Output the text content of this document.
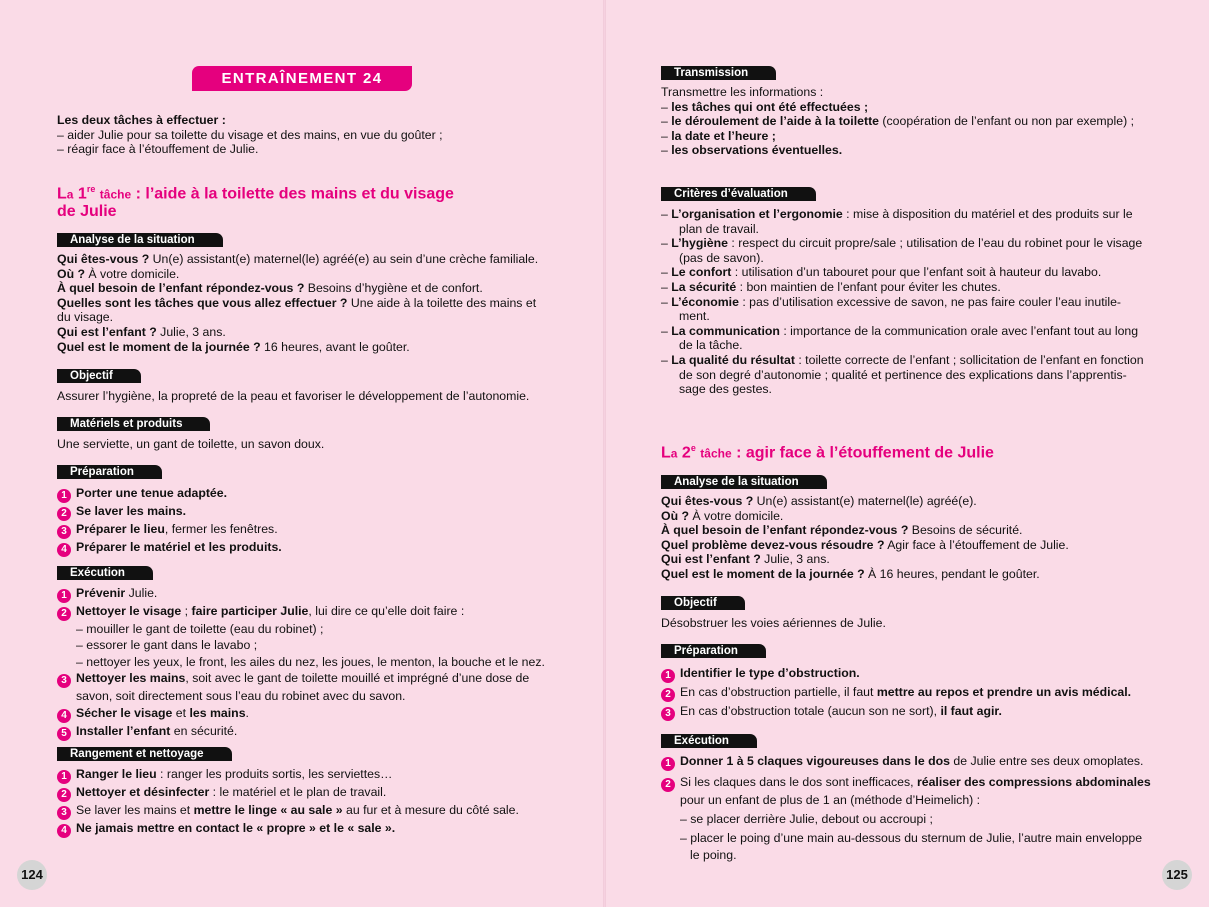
ENTRAÎNEMENT 24
Les deux tâches à effectuer :
– aider Julie pour sa toilette du visage et des mains, en vue du goûter ;
– réagir face à l’étouffement de Julie.
La 1re tâche : l’aide à la toilette des mains et du visage
de Julie
Analyse de la situation
Qui êtes-vous ? Un(e) assistant(e) maternel(le) agréé(e) au sein d’une crèche familiale.
Où ? À votre domicile.
À quel besoin de l’enfant répondez-vous ? Besoins d’hygiène et de confort.
Quelles sont les tâches que vous allez effectuer ? Une aide à la toilette des mains et
du visage.
Qui est l’enfant ? Julie, 3 ans.
Quel est le moment de la journée ? 16 heures, avant le goûter.
Objectif
Assurer l’hygiène, la propreté de la peau et favoriser le développement de l’autonomie.
Matériels et produits
Une serviette, un gant de toilette, un savon doux.
Préparation
1 Porter une tenue adaptée.
2 Se laver les mains.
3 Préparer le lieu, fermer les fenêtres.
4 Préparer le matériel et les produits.
Exécution
1 Prévenir Julie.
2 Nettoyer le visage ; faire participer Julie, lui dire ce qu’elle doit faire :
– mouiller le gant de toilette (eau du robinet) ;
– essorer le gant dans le lavabo ;
– nettoyer les yeux, le front, les ailes du nez, les joues, le menton, la bouche et le nez.
3 Nettoyer les mains, soit avec le gant de toilette mouillé et imprégné d’une dose de
savon, soit directement sous l’eau du robinet avec du savon.
4 Sécher le visage et les mains.
5 Installer l’enfant en sécurité.
Rangement et nettoyage
1 Ranger le lieu : ranger les produits sortis, les serviettes…
2 Nettoyer et désinfecter : le matériel et le plan de travail.
3 Se laver les mains et mettre le linge « au sale » au fur et à mesure du côté sale.
4 Ne jamais mettre en contact le « propre » et le « sale ».
124
Transmission
Transmettre les informations :
– les tâches qui ont été effectuées ;
– le déroulement de l’aide à la toilette (coopération de l’enfant ou non par exemple) ;
– la date et l’heure ;
– les observations éventuelles.
Critères d’évaluation
– L’organisation et l’ergonomie : mise à disposition du matériel et des produits sur le
plan de travail.
– L’hygiène : respect du circuit propre/sale ; utilisation de l’eau du robinet pour le visage
(pas de savon).
– Le confort : utilisation d’un tabouret pour que l’enfant soit à hauteur du lavabo.
– La sécurité : bon maintien de l’enfant pour éviter les chutes.
– L’économie : pas d’utilisation excessive de savon, ne pas faire couler l’eau inutile-
ment.
– La communication : importance de la communication orale avec l’enfant tout au long
de la tâche.
– La qualité du résultat : toilette correcte de l’enfant ; sollicitation de l’enfant en fonction
de son degré d’autonomie ; qualité et pertinence des explications dans l’apprentis-
sage des gestes.
La 2e tâche : agir face à l’étouffement de Julie
Analyse de la situation
Qui êtes-vous ? Un(e) assistant(e) maternel(le) agréé(e).
Où ? À votre domicile.
À quel besoin de l’enfant répondez-vous ? Besoins de sécurité.
Quel problème devez-vous résoudre ? Agir face à l’étouffement de Julie.
Qui est l’enfant ? Julie, 3 ans.
Quel est le moment de la journée ? À 16 heures, pendant le goûter.
Objectif
Désobstruer les voies aériennes de Julie.
Préparation
1 Identifier le type d’obstruction.
2 En cas d’obstruction partielle, il faut mettre au repos et prendre un avis médical.
3 En cas d’obstruction totale (aucun son ne sort), il faut agir.
Exécution
1 Donner 1 à 5 claques vigoureuses dans le dos de Julie entre ses deux omoplates.
2 Si les claques dans le dos sont inefficaces, réaliser des compressions abdominales
pour un enfant de plus de 1 an (méthode d’Heimelich) :
– se placer derrière Julie, debout ou accroupi ;
– placer le poing d’une main au-dessous du sternum de Julie, l’autre main enveloppe
le poing.
125
